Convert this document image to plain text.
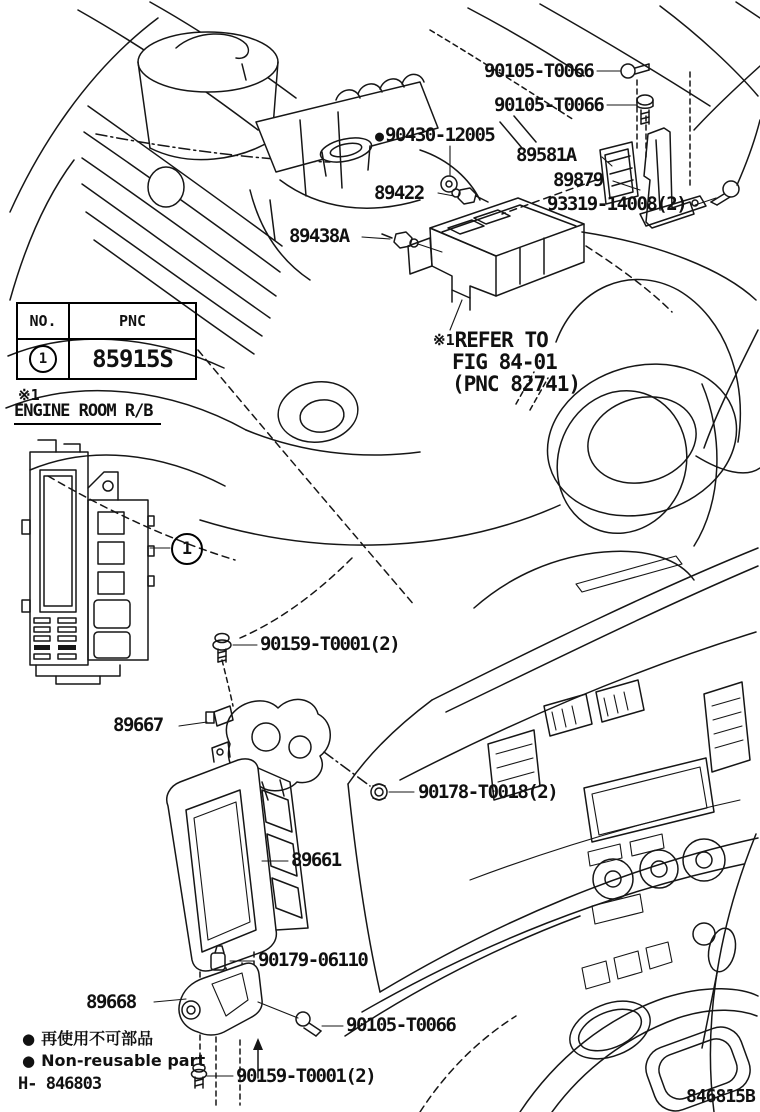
90105-T0066
90105-T0066
●90430-12005
89581A
89879
93319-14008(2)
89422
89438A
90159-T0001(2)
89667
90178-T0018(2)
89661
90179-06110
89668
90105-T0066
90159-T0001(2)
NO.	PNC
1	85915S
※1
ENGINE ROOM R/B
1
※1REFER TO
FIG 84-01
(PNC 82741)
● 再使用不可部品
● Non-reusable part
H- 846803
846815B
